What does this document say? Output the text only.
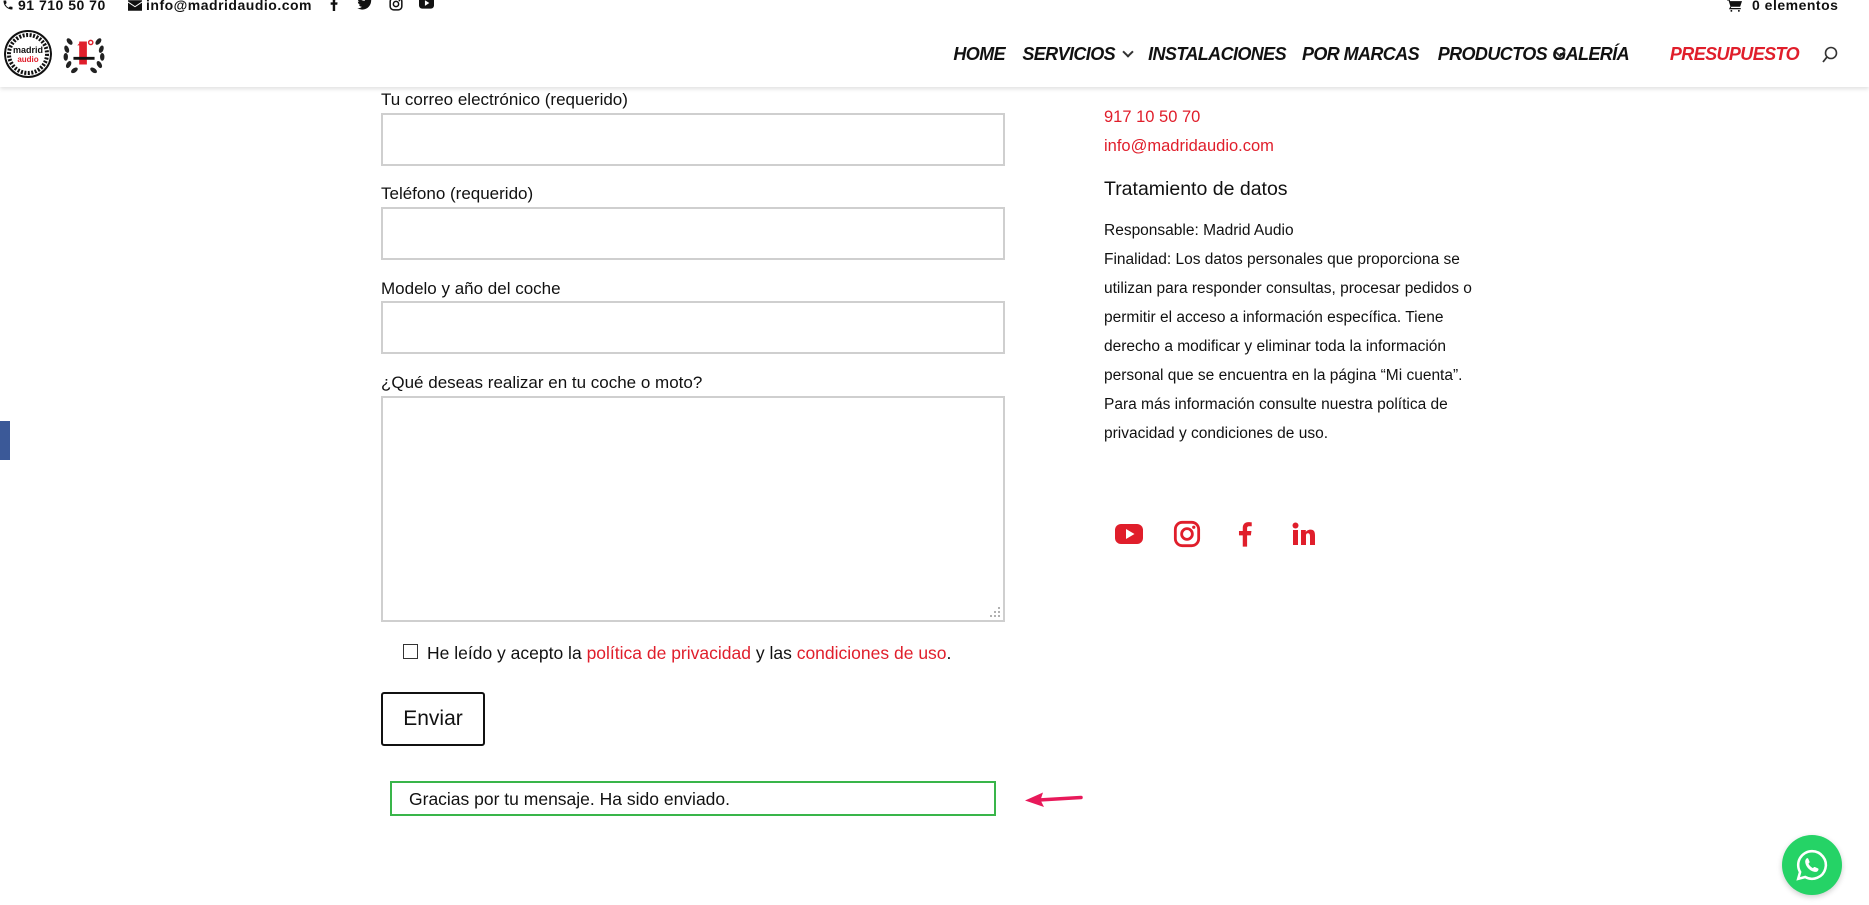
91 710 50 70	info@madridaudio.com	0 elementos
madrid
audio	HOME SERVICIOS	INSTALACIONES POR MARCAS PRODUCTOS GALERÍA PRESUPUESTO
Tu correo electrónico (requerido)
Teléfono (requerido)
Modelo y año del coche
¿Qué deseas realizar en tu coche o moto?
He leído y acepto la
política de privacidad
y las
condiciones de uso .
Enviar
Gracias por tu mensaje. Ha sido enviado.
917 10 50 70
info@madridaudio.com
Tratamiento de datos
Responsable: Madrid Audio
Finalidad: Los datos personales que proporciona se utilizan para responder consultas, procesar pedidos o permitir el acceso a información específica. Tiene derecho a modificar y eliminar toda la información personal que se encuentra en la página “Mi cuenta”. Para más información consulte nuestra política de privacidad y condiciones de uso.
